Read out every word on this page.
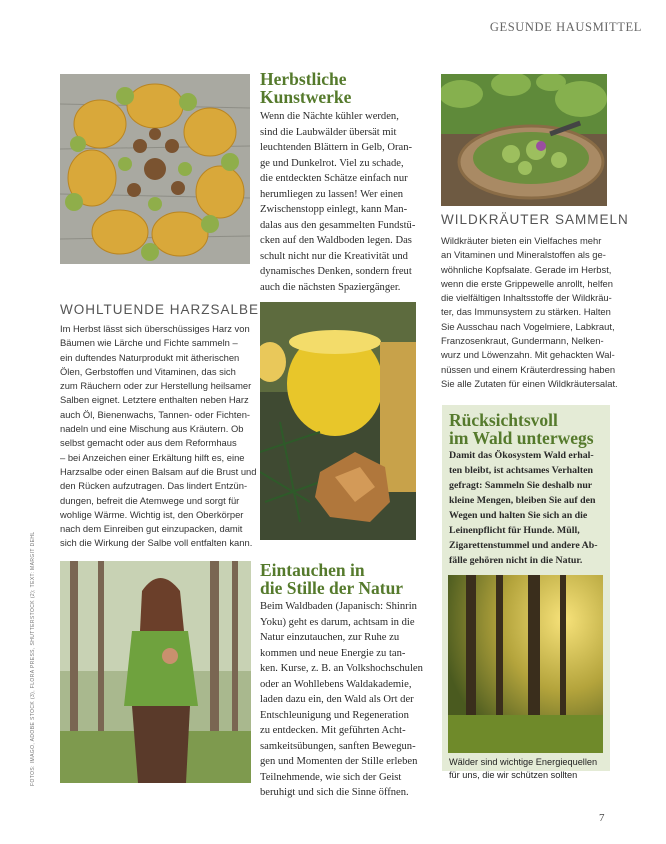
GESUNDE HAUSMITTEL
Herbstliche
Kunstwerke
Wenn die Nächte kühler werden,
sind die Laubwälder übersät mit
leuchtenden Blättern in Gelb, Oran-
ge und Dunkelrot. Viel zu schade,
die entdeckten Schätze einfach nur
herumliegen zu lassen! Wer einen
Zwischenstopp einlegt, kann Man-
dalas aus den gesammelten Fundstü-
cken auf den Waldboden legen. Das
schult nicht nur die Kreativität und
dynamisches Denken, sondern freut
auch die nächsten Spaziergänger.
WILDKRÄUTER SAMMELN
Wildkräuter bieten ein Vielfaches mehr
an Vitaminen und Mineralstoffen als ge-
wöhnliche Kopfsalate. Gerade im Herbst,
wenn die erste Grippewelle anrollt, helfen
die vielfältigen Inhaltsstoffe der Wildkräu-
ter, das Immunsystem zu stärken. Halten
Sie Ausschau nach Vogelmiere, Labkraut,
Franzosenkraut, Gundermann, Nelken-
wurz und Löwenzahn. Mit gehackten Wal-
nüssen und einem Kräuterdressing haben
Sie alle Zutaten für einen Wildkräutersalat.
WOHLTUENDE HARZSALBE
Im Herbst lässt sich überschüssiges Harz von
Bäumen wie Lärche und Fichte sammeln –
ein duftendes Naturprodukt mit ätherischen
Ölen, Gerbstoffen und Vitaminen, das sich
zum Räuchern oder zur Herstellung heilsamer
Salben eignet. Letztere enthalten neben Harz
auch Öl, Bienenwachs, Tannen- oder Fichten-
nadeln und eine Mischung aus Kräutern. Ob
selbst gemacht oder aus dem Reformhaus
– bei Anzeichen einer Erkältung hilft es, eine
Harzsalbe oder einen Balsam auf die Brust und
den Rücken aufzutragen. Das lindert Entzün-
dungen, befreit die Atemwege und sorgt für
wohlige Wärme. Wichtig ist, den Oberkörper
nach dem Einreiben gut einzupacken, damit
sich die Wirkung der Salbe voll entfalten kann.
Rücksichtsvoll
im Wald unterwegs
Damit das Ökosystem Wald erhal-
ten bleibt, ist achtsames Verhalten
gefragt: Sammeln Sie deshalb nur
kleine Mengen, bleiben Sie auf den
Wegen und halten Sie sich an die
Leinenpflicht für Hunde. Müll,
Zigarettenstummel und andere Ab-
fälle gehören nicht in die Natur.
Wälder sind wichtige Energiequellen
für uns, die wir schützen sollten
Eintauchen in
die Stille der Natur
Beim Waldbaden (Japanisch: Shinrin
Yoku) geht es darum, achtsam in die
Natur einzutauchen, zur Ruhe zu
kommen und neue Energie zu tan-
ken. Kurse, z. B. an Volkshochschulen
oder an Wohllebens Waldakademie,
laden dazu ein, den Wald als Ort der
Entschleunigung und Regeneration
zu entdecken. Mit geführten Acht-
samkeitsübungen, sanften Bewegun-
gen und Momenten der Stille erleben
Teilnehmende, wie sich der Geist
beruhigt und sich die Sinne öffnen.
FOTOS: IMAGO, ADOBE STOCK (3), FLORA PRESS, SHUTTERSTOCK (2); TEXT: MARGIT DEHL
7
